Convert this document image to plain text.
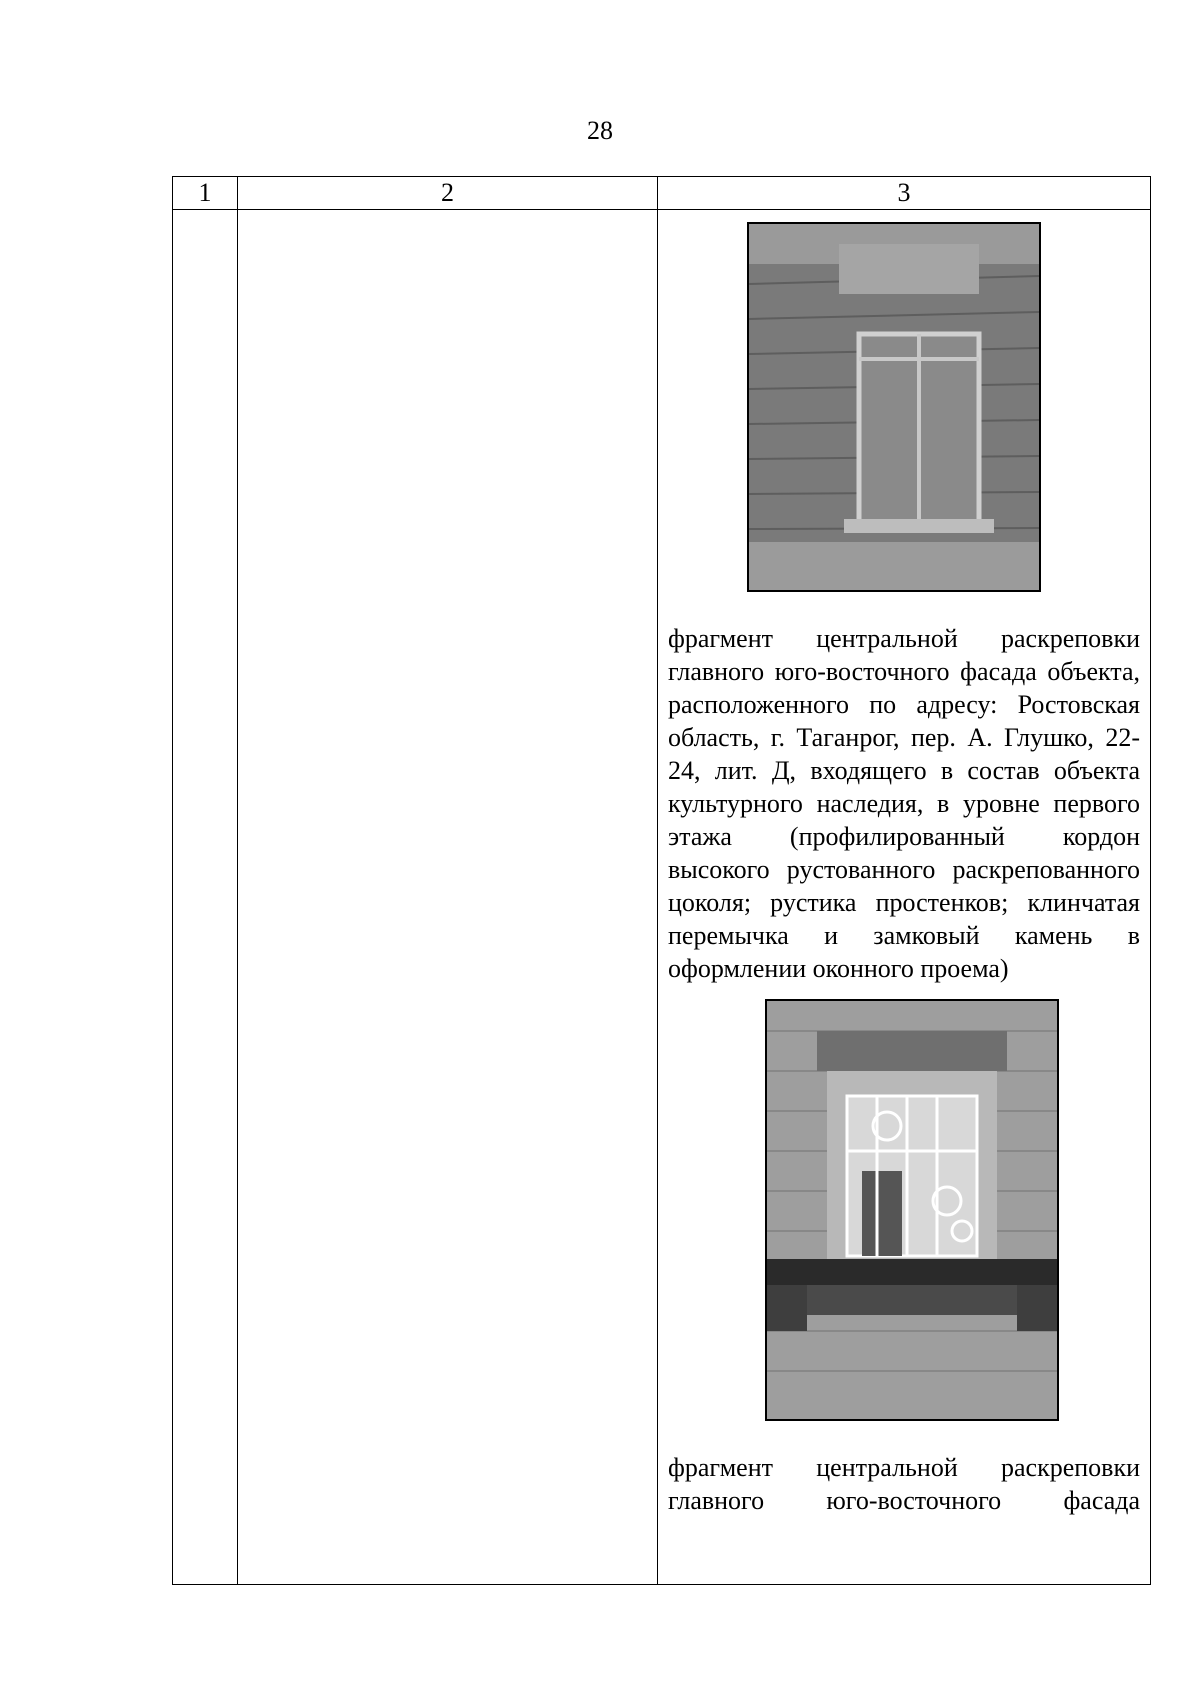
28
1	2	3

		фрагмент центральной раскреповки главного юго-восточного фасада объекта, расположенного по адресу: Ростовская область, г. Таганрог, пер. А. Глушко, 22-24, лит. Д, входящего в состав объекта культурного наследия, в уровне первого этажа (профилированный кордон высокого рустованного раскрепованного цоколя; рустика простенков; клинчатая перемычка и замковый камень в оформлении оконного проема)
фрагмент центральной раскреповки главного юго-восточного фасада
